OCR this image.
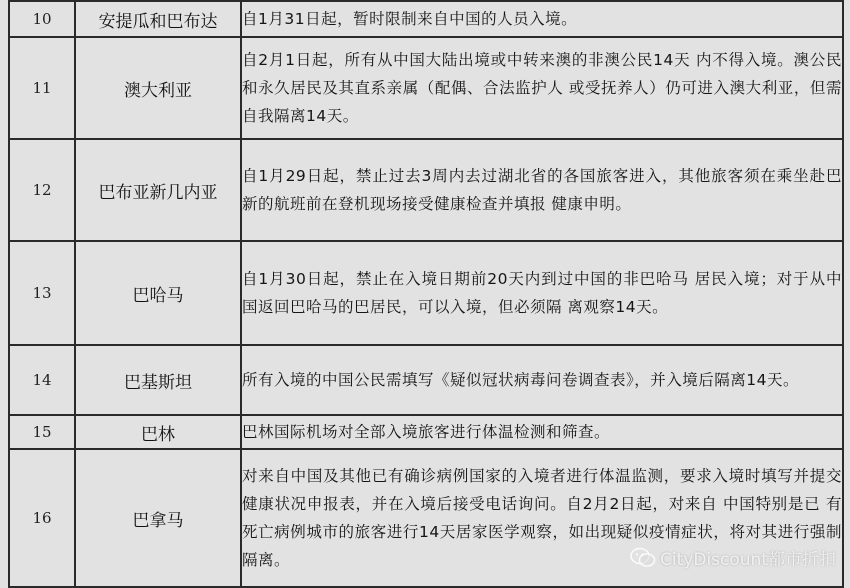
10	安提瓜和巴布达	自1月31日起，暂时限制来自中国的人员入境。
11	澳大利亚	自2月1日起，所有从中国大陆出境或中转来澳的非澳公民14天 内不得入境。澳公民和永久居民及其直系亲属（配偶、合法监护人 或受抚养人）仍可进入澳大利亚，但需自我隔离14天。
12	巴布亚新几内亚	自1月29日起，禁止过去3周内去过湖北省的各国旅客进入，其他旅客须在乘坐赴巴新的航班前在登机现场接受健康检查并填报 健康申明。
13	巴哈马	自1月30日起，禁止在入境日期前20天内到过中国的非巴哈马 居民入境；对于从中国返回巴哈马的巴居民，可以入境，但必须隔 离观察14天。
14	巴基斯坦	所有入境的中国公民需填写《疑似冠状病毒问卷调查表》，并入境后隔离14天。
15	巴林	巴林国际机场对全部入境旅客进行体温检测和筛查。
16	巴拿马	对来自中国及其他已有确诊病例国家的入境者进行体温监测，要求入境时填写并提交健康状况申报表，并在入境后接受电话询问。自2月2日起，对来自 中国特别是已 有死亡病例城市的旅客进行14天居家医学观察，如出现疑似疫情症状，将对其进行强制隔离。	CityDiscount都市折扣
